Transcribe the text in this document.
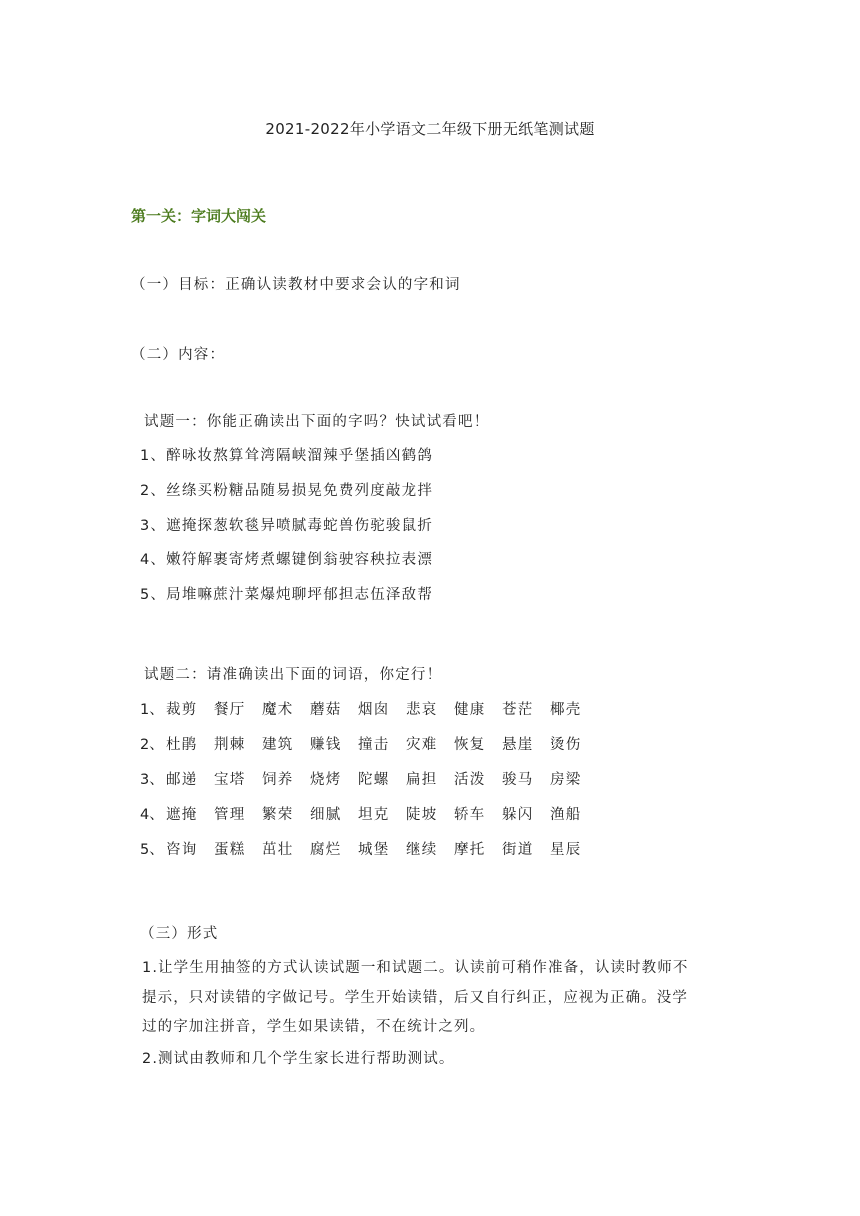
2021-2022年小学语文二年级下册无纸笔测试题
第一关：字词大闯关
（一）目标：正确认读教材中要求会认的字和词
（二）内容：
试题一：你能正确读出下面的字吗？快试试看吧！
1、醉咏妆熬算耸湾隔峡溜辣乎堡插凶鹤鸽
2、丝绦买粉糖品随易损晃免费列度敲龙拌
3、遮掩探葱软毯异喷腻毒蛇兽伤驼骏鼠折
4、嫩符解裹寄烤煮螺键倒翁驶容秧拉表漂
5、局堆嘛蔗汁菜爆炖聊坪郁担志伍泽敌帮
试题二：请准确读出下面的词语，你定行！
1、 裁剪	餐厅	魔术	蘑菇	烟囱	悲哀	健康	苍茫	椰壳
2、 杜鹃	荆棘	建筑	赚钱	撞击	灾难	恢复	悬崖	烫伤
3、 邮递	宝塔	饲养	烧烤	陀螺	扁担	活泼	骏马	房梁
4、 遮掩	管理	繁荣	细腻	坦克	陡坡	轿车	躲闪	渔船
5、 咨询	蛋糕	茁壮	腐烂	城堡	继续	摩托	街道	星辰
（三）形式
1.让学生用抽签的方式认读试题一和试题二。认读前可稍作准备，认读时教师不
提示，只对读错的字做记号。学生开始读错，后又自行纠正，应视为正确。没学
过的字加注拼音，学生如果读错，不在统计之列。
2.测试由教师和几个学生家长进行帮助测试。
